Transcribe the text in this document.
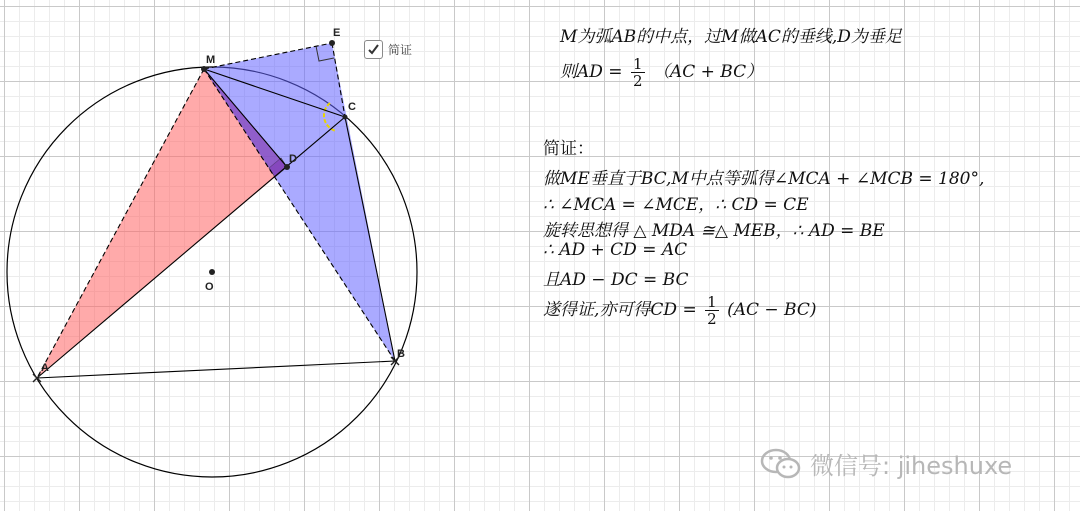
M
E
C
D
O
A
B
简证
M为弧AB的中点，过M做AC的垂线,D为垂足
则AD = $\frac{1}{2} (AC + BC)$
简证：
做ME垂直于BC,M中点等弧得∠MCA + ∠MCB = 180°,
∴ ∠MCA = ∠MCE，∴ CD = CE
旋转思想得 △ MDA ≅△ MEB，∴ AD = BE
∴ AD + CD = AC
且AD − DC = BC
遂得证,亦可得CD = $\frac{1}{2} (AC - BC)$
微信号: jiheshuxe
